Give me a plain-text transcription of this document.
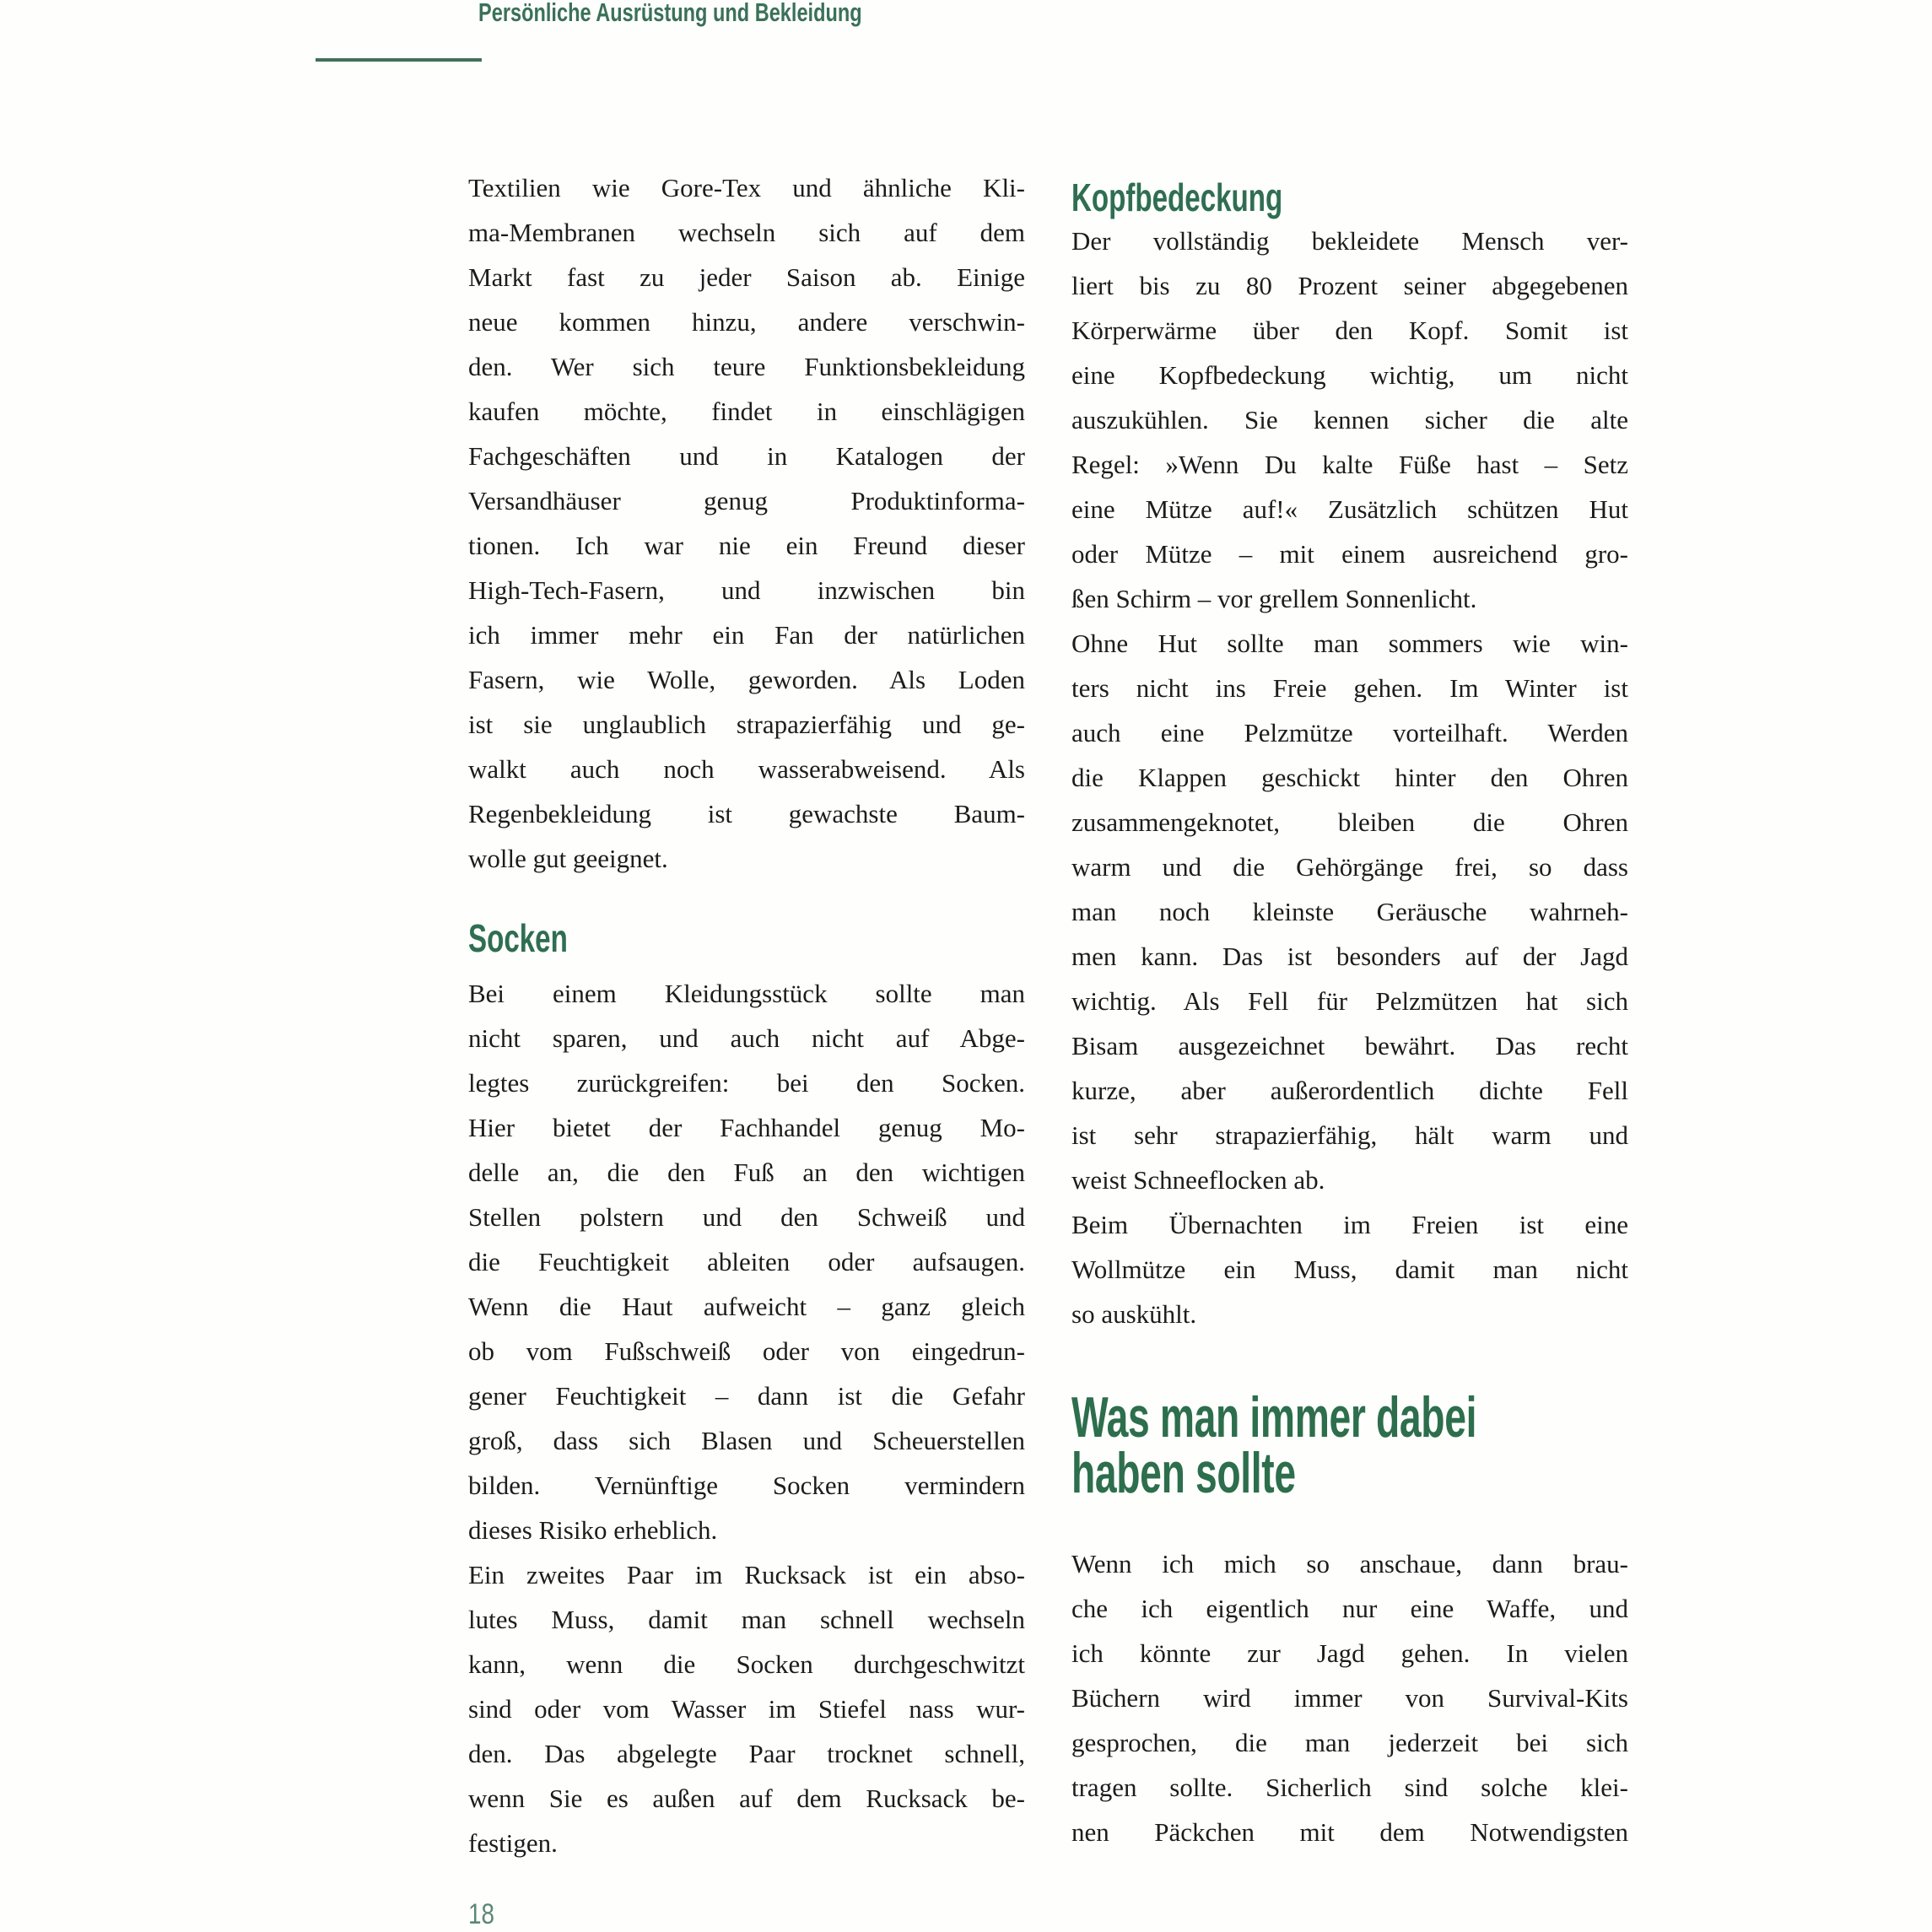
Persönliche Ausrüstung und Bekleidung
Textilien wie Gore-Tex und ähnliche Kli-
ma-Membranen wechseln sich auf dem
Markt fast zu jeder Saison ab. Einige
neue kommen hinzu, andere verschwin-
den. Wer sich teure Funktionsbekleidung
kaufen möchte, findet in einschlägigen
Fachgeschäften und in Katalogen der
Versandhäuser genug Produktinforma-
tionen. Ich war nie ein Freund dieser
High-Tech-Fasern, und inzwischen bin
ich immer mehr ein Fan der natürlichen
Fasern, wie Wolle, geworden. Als Loden
ist sie unglaublich strapazierfähig und ge-
walkt auch noch wasserabweisend. Als
Regenbekleidung ist gewachste Baum-
wolle gut geeignet.
Socken
Bei einem Kleidungsstück sollte man
nicht sparen, und auch nicht auf Abge-
legtes zurückgreifen: bei den Socken.
Hier bietet der Fachhandel genug Mo-
delle an, die den Fuß an den wichtigen
Stellen polstern und den Schweiß und
die Feuchtigkeit ableiten oder aufsaugen.
Wenn die Haut aufweicht – ganz gleich
ob vom Fußschweiß oder von eingedrun-
gener Feuchtigkeit – dann ist die Gefahr
groß, dass sich Blasen und Scheuerstellen
bilden. Vernünftige Socken vermindern
dieses Risiko erheblich.
Ein zweites Paar im Rucksack ist ein abso-
lutes Muss, damit man schnell wechseln
kann, wenn die Socken durchgeschwitzt
sind oder vom Wasser im Stiefel nass wur-
den. Das abgelegte Paar trocknet schnell,
wenn Sie es außen auf dem Rucksack be-
festigen.
Kopfbedeckung
Der vollständig bekleidete Mensch ver-
liert bis zu 80 Prozent seiner abgegebenen
Körperwärme über den Kopf. Somit ist
eine Kopfbedeckung wichtig, um nicht
auszukühlen. Sie kennen sicher die alte
Regel: »Wenn Du kalte Füße hast – Setz
eine Mütze auf!« Zusätzlich schützen Hut
oder Mütze – mit einem ausreichend gro-
ßen Schirm – vor grellem Sonnenlicht.
Ohne Hut sollte man sommers wie win-
ters nicht ins Freie gehen. Im Winter ist
auch eine Pelzmütze vorteilhaft. Werden
die Klappen geschickt hinter den Ohren
zusammengeknotet, bleiben die Ohren
warm und die Gehörgänge frei, so dass
man noch kleinste Geräusche wahrneh-
men kann. Das ist besonders auf der Jagd
wichtig. Als Fell für Pelzmützen hat sich
Bisam ausgezeichnet bewährt. Das recht
kurze, aber außerordentlich dichte Fell
ist sehr strapazierfähig, hält warm und
weist Schneeflocken ab.
Beim Übernachten im Freien ist eine
Wollmütze ein Muss, damit man nicht
so auskühlt.
Was man immer dabei
haben sollte
Wenn ich mich so anschaue, dann brau-
che ich eigentlich nur eine Waffe, und
ich könnte zur Jagd gehen. In vielen
Büchern wird immer von Survival-Kits
gesprochen, die man jederzeit bei sich
tragen sollte. Sicherlich sind solche klei-
nen Päckchen mit dem Notwendigsten
18
